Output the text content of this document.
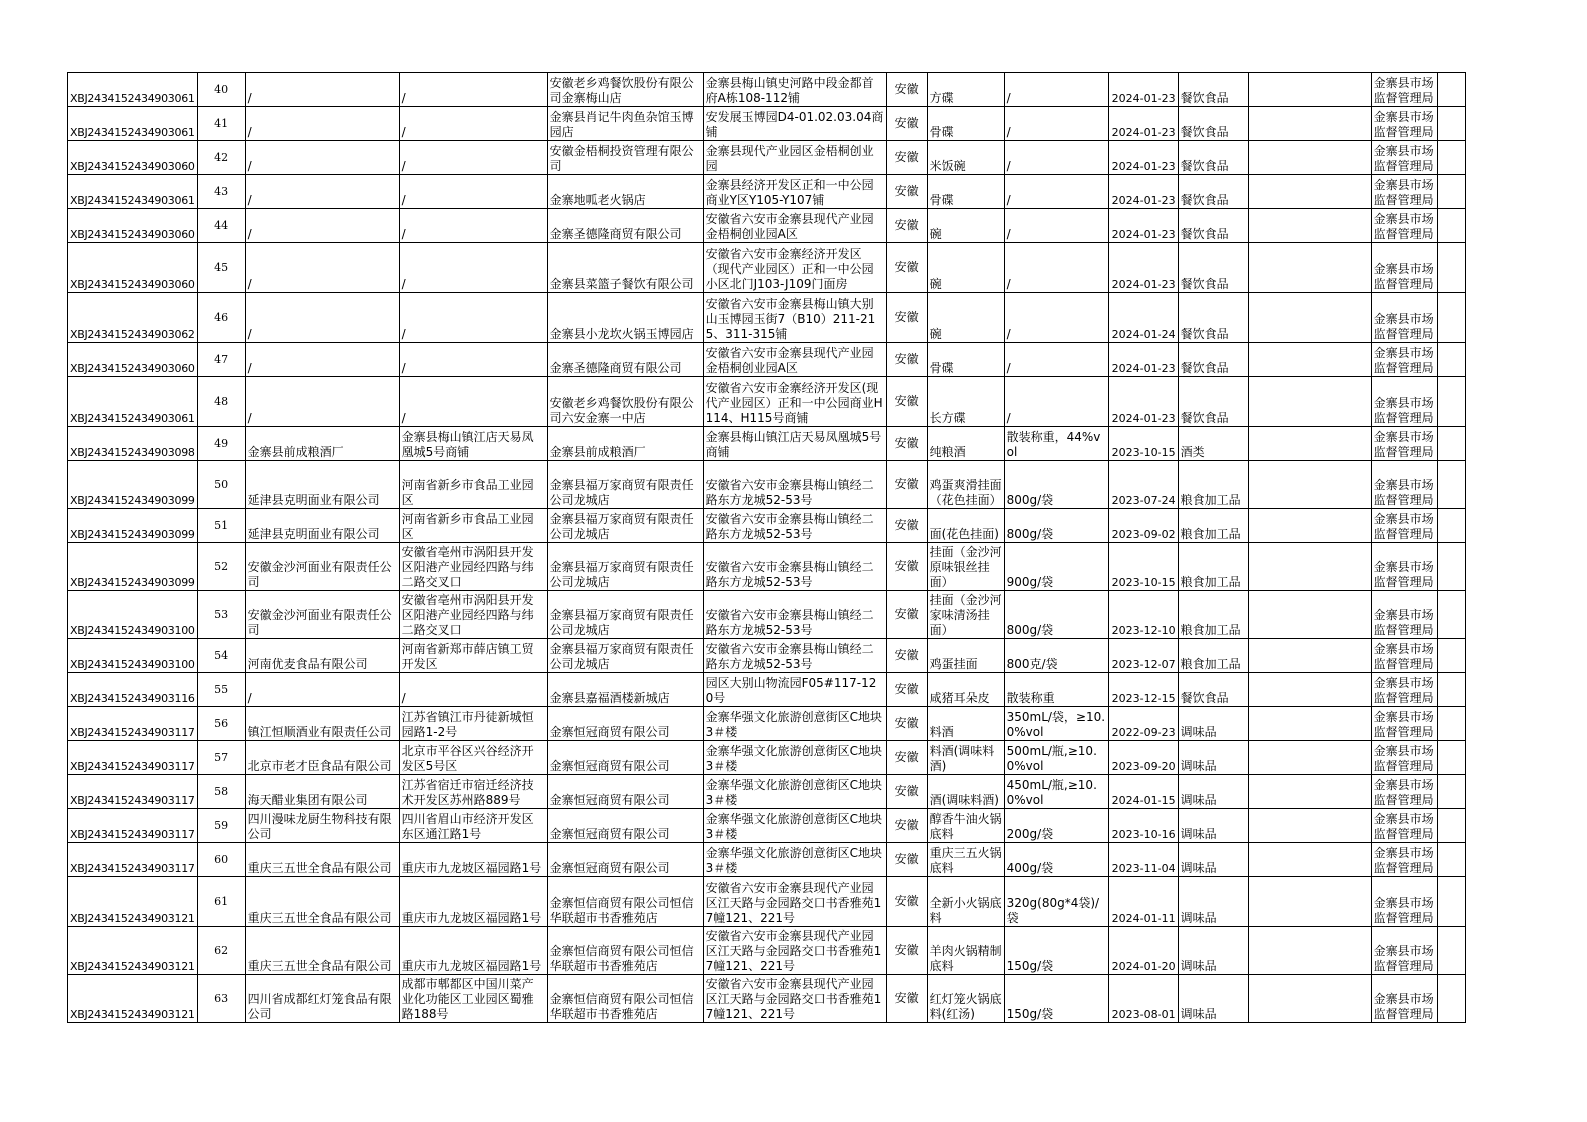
XBJ2434152434903061	40	/	/	安徽老乡鸡餐饮股份有限公司金寨梅山店	金寨县梅山镇史河路中段金都首府A栋108-112铺	安徽	方碟	/	2024-01-23	餐饮食品		金寨县市场监督管理局	
XBJ2434152434903061	41	/	/	金寨县肖记牛肉鱼杂馆玉博园店	安发展玉博园D4-01.02.03.04商铺	安徽	骨碟	/	2024-01-23	餐饮食品		金寨县市场监督管理局	
XBJ2434152434903060	42	/	/	安徽金梧桐投资管理有限公司	金寨县现代产业园区金梧桐创业园	安徽	米饭碗	/	2024-01-23	餐饮食品		金寨县市场监督管理局	
XBJ2434152434903061	43	/	/	金寨地呱老火锅店	金寨县经济开发区正和一中公园商业Y区Y105-Y107铺	安徽	骨碟	/	2024-01-23	餐饮食品		金寨县市场监督管理局	
XBJ2434152434903060	44	/	/	金寨圣德隆商贸有限公司	安徽省六安市金寨县现代产业园金梧桐创业园A区	安徽	碗	/	2024-01-23	餐饮食品		金寨县市场监督管理局	
XBJ2434152434903060	45	/	/	金寨县菜篮子餐饮有限公司	安徽省六安市金寨经济开发区（现代产业园区）正和一中公园小区北门J103-J109门面房	安徽	碗	/	2024-01-23	餐饮食品		金寨县市场监督管理局	
XBJ2434152434903062	46	/	/	金寨县小龙坎火锅玉博园店	安徽省六安市金寨县梅山镇大别山玉博园玉街7（B10）211-215、311-315铺	安徽	碗	/	2024-01-24	餐饮食品		金寨县市场监督管理局	
XBJ2434152434903060	47	/	/	金寨圣德隆商贸有限公司	安徽省六安市金寨县现代产业园金梧桐创业园A区	安徽	骨碟	/	2024-01-23	餐饮食品		金寨县市场监督管理局	
XBJ2434152434903061	48	/	/	安徽老乡鸡餐饮股份有限公司六安金寨一中店	安徽省六安市金寨经济开发区(现代产业园区）正和一中公园商业H114、H115号商铺	安徽	长方碟	/	2024-01-23	餐饮食品		金寨县市场监督管理局	
XBJ2434152434903098	49	金寨县前成粮酒厂	金寨县梅山镇江店天易凤凰城5号商铺	金寨县前成粮酒厂	金寨县梅山镇江店天易凤凰城5号商铺	安徽	纯粮酒	散装称重，44%vol	2023-10-15	酒类		金寨县市场监督管理局	
XBJ2434152434903099	50	延津县克明面业有限公司	河南省新乡市食品工业园区	金寨县福万家商贸有限责任公司龙城店	安徽省六安市金寨县梅山镇经二路东方龙城52-53号	安徽	鸡蛋爽滑挂面（花色挂面）	800g/袋	2023-07-24	粮食加工品		金寨县市场监督管理局	
XBJ2434152434903099	51	延津县克明面业有限公司	河南省新乡市食品工业园区	金寨县福万家商贸有限责任公司龙城店	安徽省六安市金寨县梅山镇经二路东方龙城52-53号	安徽	面(花色挂面)	800g/袋	2023-09-02	粮食加工品		金寨县市场监督管理局	
XBJ2434152434903099	52	安徽金沙河面业有限责任公司	安徽省亳州市涡阳县开发区阳港产业园经四路与纬二路交叉口	金寨县福万家商贸有限责任公司龙城店	安徽省六安市金寨县梅山镇经二路东方龙城52-53号	安徽	挂面（金沙河原味银丝挂面）	900g/袋	2023-10-15	粮食加工品		金寨县市场监督管理局	
XBJ2434152434903100	53	安徽金沙河面业有限责任公司	安徽省亳州市涡阳县开发区阳港产业园经四路与纬二路交叉口	金寨县福万家商贸有限责任公司龙城店	安徽省六安市金寨县梅山镇经二路东方龙城52-53号	安徽	挂面（金沙河家味清汤挂面）	800g/袋	2023-12-10	粮食加工品		金寨县市场监督管理局	
XBJ2434152434903100	54	河南优麦食品有限公司	河南省新郑市薛店镇工贸开发区	金寨县福万家商贸有限责任公司龙城店	安徽省六安市金寨县梅山镇经二路东方龙城52-53号	安徽	鸡蛋挂面	800克/袋	2023-12-07	粮食加工品		金寨县市场监督管理局	
XBJ2434152434903116	55	/	/	金寨县嘉福酒楼新城店	园区大别山物流园F05#117-120号	安徽	咸猪耳朵皮	散装称重	2023-12-15	餐饮食品		金寨县市场监督管理局	
XBJ2434152434903117	56	镇江恒顺酒业有限责任公司	江苏省镇江市丹徒新城恒园路1-2号	金寨恒冠商贸有限公司	金寨华强文化旅游创意街区C地块3＃楼	安徽	料酒	350mL/袋，≥10.0%vol	2022-09-23	调味品		金寨县市场监督管理局	
XBJ2434152434903117	57	北京市老才臣食品有限公司	北京市平谷区兴谷经济开发区5号区	金寨恒冠商贸有限公司	金寨华强文化旅游创意街区C地块3＃楼	安徽	料酒(调味料酒)	500mL/瓶,≥10.0%vol	2023-09-20	调味品		金寨县市场监督管理局	
XBJ2434152434903117	58	海天醋业集团有限公司	江苏省宿迁市宿迁经济技术开发区苏州路889号	金寨恒冠商贸有限公司	金寨华强文化旅游创意街区C地块3＃楼	安徽	酒(调味料酒)	450mL/瓶,≥10.0%vol	2024-01-15	调味品		金寨县市场监督管理局	
XBJ2434152434903117	59	四川漫味龙厨生物科技有限公司	四川省眉山市经济开发区东区通江路1号	金寨恒冠商贸有限公司	金寨华强文化旅游创意街区C地块3＃楼	安徽	醇香牛油火锅底料	200g/袋	2023-10-16	调味品		金寨县市场监督管理局	
XBJ2434152434903117	60	重庆三五世全食品有限公司	重庆市九龙坡区福园路1号	金寨恒冠商贸有限公司	金寨华强文化旅游创意街区C地块3＃楼	安徽	重庆三五火锅底料	400g/袋	2023-11-04	调味品		金寨县市场监督管理局	
XBJ2434152434903121	61	重庆三五世全食品有限公司	重庆市九龙坡区福园路1号	金寨恒信商贸有限公司恒信华联超市书香雅苑店	安徽省六安市金寨县现代产业园区江天路与金园路交口书香雅苑17幢121、221号	安徽	全新小火锅底料	320g(80g*4袋)/袋	2024-01-11	调味品		金寨县市场监督管理局	
XBJ2434152434903121	62	重庆三五世全食品有限公司	重庆市九龙坡区福园路1号	金寨恒信商贸有限公司恒信华联超市书香雅苑店	安徽省六安市金寨县现代产业园区江天路与金园路交口书香雅苑17幢121、221号	安徽	羊肉火锅精制底料	150g/袋	2024-01-20	调味品		金寨县市场监督管理局	
XBJ2434152434903121	63	四川省成都红灯笼食品有限公司	成都市郫都区中国川菜产业化功能区工业园区蜀雅路188号	金寨恒信商贸有限公司恒信华联超市书香雅苑店	安徽省六安市金寨县现代产业园区江天路与金园路交口书香雅苑17幢121、221号	安徽	红灯笼火锅底料(红汤)	150g/袋	2023-08-01	调味品		金寨县市场监督管理局	
